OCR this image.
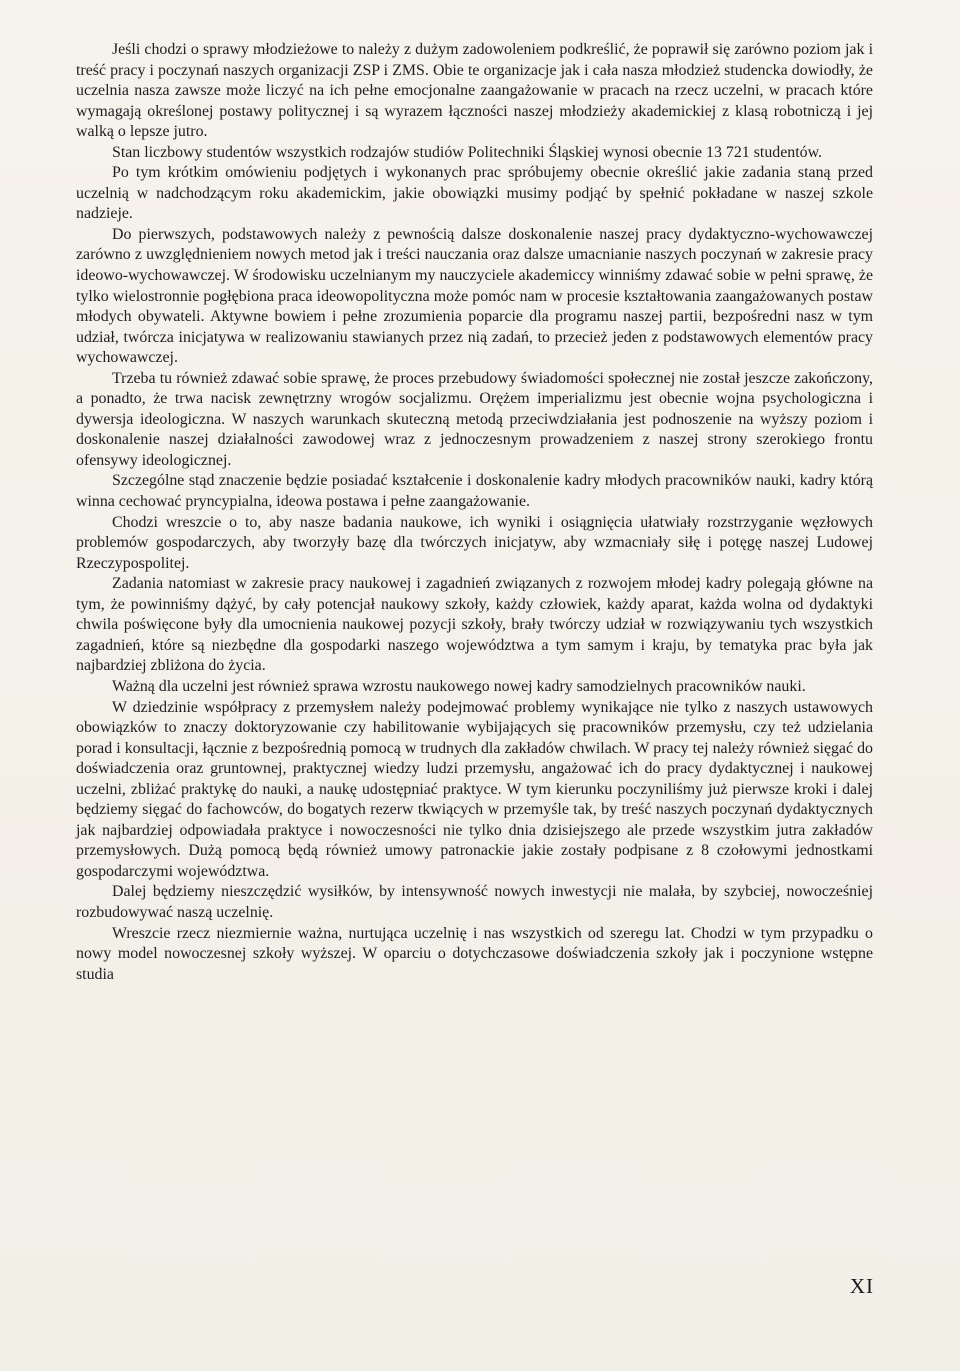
Jeśli chodzi o sprawy młodzieżowe to należy z dużym zadowoleniem podkreślić, że poprawił się zarówno poziom jak i treść pracy i poczynań naszych organizacji ZSP i ZMS. Obie te organizacje jak i cała nasza młodzież studencka dowiodły, że uczelnia nasza zawsze może liczyć na ich pełne emocjonalne zaangażowanie w pracach na rzecz uczelni, w pracach które wymagają określonej postawy politycznej i są wyrazem łączności naszej młodzieży akademickiej z klasą robotniczą i jej walką o lepsze jutro.

Stan liczbowy studentów wszystkich rodzajów studiów Politechniki Śląskiej wynosi obecnie 13 721 studentów.

Po tym krótkim omówieniu podjętych i wykonanych prac spróbujemy obecnie określić jakie zadania staną przed uczelnią w nadchodzącym roku akademickim, jakie obowiązki musimy podjąć by spełnić pokładane w naszej szkole nadzieje.

Do pierwszych, podstawowych należy z pewnością dalsze doskonalenie naszej pracy dydaktyczno-wychowawczej zarówno z uwzględnieniem nowych metod jak i treści nauczania oraz dalsze umacnianie naszych poczynań w zakresie pracy ideowo-wychowawczej. W środowisku uczelnianym my nauczyciele akademiccy winniśmy zdawać sobie w pełni sprawę, że tylko wielostronnie pogłębiona praca ideowopolityczna może pomóc nam w procesie kształtowania zaangażowanych postaw młodych obywateli. Aktywne bowiem i pełne zrozumienia poparcie dla programu naszej partii, bezpośredni nasz w tym udział, twórcza inicjatywa w realizowaniu stawianych przez nią zadań, to przecież jeden z podstawowych elementów pracy wychowawczej.

Trzeba tu również zdawać sobie sprawę, że proces przebudowy świadomości społecznej nie został jeszcze zakończony, a ponadto, że trwa nacisk zewnętrzny wrogów socjalizmu. Orężem imperializmu jest obecnie wojna psychologiczna i dywersja ideologiczna. W naszych warunkach skuteczną metodą przeciwdziałania jest podnoszenie na wyższy poziom i doskonalenie naszej działalności zawodowej wraz z jednoczesnym prowadzeniem z naszej strony szerokiego frontu ofensywy ideologicznej.

Szczególne stąd znaczenie będzie posiadać kształcenie i doskonalenie kadry młodych pracowników nauki, kadry którą winna cechować pryncypialna, ideowa postawa i pełne zaangażowanie.

Chodzi wreszcie o to, aby nasze badania naukowe, ich wyniki i osiągnięcia ułatwiały rozstrzyganie węzłowych problemów gospodarczych, aby tworzyły bazę dla twórczych inicjatyw, aby wzmacniały siłę i potęgę naszej Ludowej Rzeczypospolitej.

Zadania natomiast w zakresie pracy naukowej i zagadnień związanych z rozwojem młodej kadry polegają główne na tym, że powinniśmy dążyć, by cały potencjał naukowy szkoły, każdy człowiek, każdy aparat, każda wolna od dydaktyki chwila poświęcone były dla umocnienia naukowej pozycji szkoły, brały twórczy udział w rozwiązywaniu tych wszystkich zagadnień, które są niezbędne dla gospodarki naszego województwa a tym samym i kraju, by tematyka prac była jak najbardziej zbliżona do życia.

Ważną dla uczelni jest również sprawa wzrostu naukowego nowej kadry samodzielnych pracowników nauki.

W dziedzinie współpracy z przemysłem należy podejmować problemy wynikające nie tylko z naszych ustawowych obowiązków to znaczy doktoryzowanie czy habilitowanie wybijających się pracowników przemysłu, czy też udzielania porad i konsultacji, łącznie z bezpośrednią pomocą w trudnych dla zakładów chwilach. W pracy tej należy również sięgać do doświadczenia oraz gruntownej, praktycznej wiedzy ludzi przemysłu, angażować ich do pracy dydaktycznej i naukowej uczelni, zbliżać praktykę do nauki, a naukę udostępniać praktyce. W tym kierunku poczyniliśmy już pierwsze kroki i dalej będziemy sięgać do fachowców, do bogatych rezerw tkwiących w przemyśle tak, by treść naszych poczynań dydaktycznych jak najbardziej odpowiadała praktyce i nowoczesności nie tylko dnia dzisiejszego ale przede wszystkim jutra zakładów przemysłowych. Dużą pomocą będą również umowy patronackie jakie zostały podpisane z 8 czołowymi jednostkami gospodarczymi województwa.

Dalej będziemy nieszczędzić wysiłków, by intensywność nowych inwestycji nie malała, by szybciej, nowocześniej rozbudowywać naszą uczelnię.

Wreszcie rzecz niezmiernie ważna, nurtująca uczelnię i nas wszystkich od szeregu lat. Chodzi w tym przypadku o nowy model nowoczesnej szkoły wyższej. W oparciu o dotychczasowe doświadczenia szkoły jak i poczynione wstępne studia

XI
